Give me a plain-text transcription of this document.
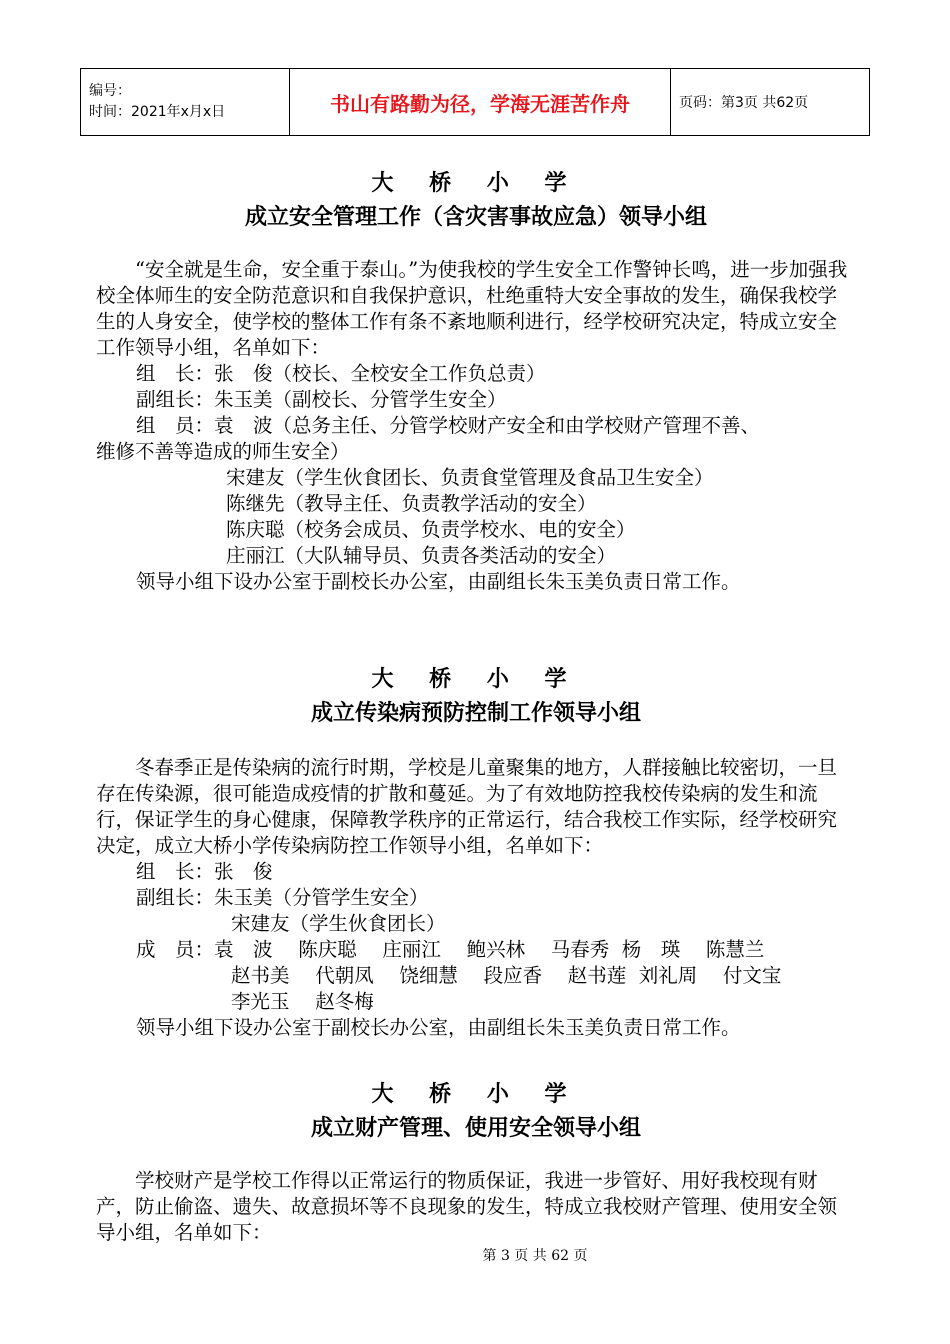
编号：
时间：2021年x月x日	书山有路勤为径，学海无涯苦作舟	页码：第3页 共62页
大 桥 小 学
成立安全管理工作（含灾害事故应急）领导小组

“安全就是生命，安全重于泰山。”为使我校的学生安全工作警钟长鸣，进一步加强我校全体师生的安全防范意识和自我保护意识，杜绝重特大安全事故的发生，确保我校学生的人身安全，使学校的整体工作有条不紊地顺利进行，经学校研究决定，特成立安全工作领导小组，名单如下：

组　长：张　俊（校长、全校安全工作负总责）
副组长：朱玉美（副校长、分管学生安全）
组　员：袁　波（总务主任、分管学校财产安全和由学校财产管理不善、
维修不善等造成的师生安全）
宋建友（学生伙食团长、负责食堂管理及食品卫生安全）
陈继先（教导主任、负责教学活动的安全）
陈庆聪（校务会成员、负责学校水、电的安全）
庄丽江（大队辅导员、负责各类活动的安全）
领导小组下设办公室于副校长办公室，由副组长朱玉美负责日常工作。
大 桥 小 学
成立传染病预防控制工作领导小组

冬春季正是传染病的流行时期，学校是儿童聚集的地方，人群接触比较密切，一旦存在传染源，很可能造成疫情的扩散和蔓延。为了有效地防控我校传染病的发生和流行，保证学生的身心健康，保障教学秩序的正常运行，结合我校工作实际，经学校研究决定，成立大桥小学传染病防控工作领导小组，名单如下：

组　长：张　俊
副组长：朱玉美（分管学生安全）
宋建友（学生伙食团长）
成　员：袁　波　 陈庆聪　 庄丽江　 鲍兴林　 马春秀  杨　瑛　 陈慧兰
赵书美　 代朝凤　 饶细慧　 段应香　 赵书莲  刘礼周　 付文宝
李光玉　 赵冬梅
领导小组下设办公室于副校长办公室，由副组长朱玉美负责日常工作。
大 桥 小 学
成立财产管理、使用安全领导小组

学校财产是学校工作得以正常运行的物质保证，我进一步管好、用好我校现有财产，防止偷盗、遗失、故意损坏等不良现象的发生，特成立我校财产管理、使用安全领导小组，名单如下：

第 3 页 共 62 页
